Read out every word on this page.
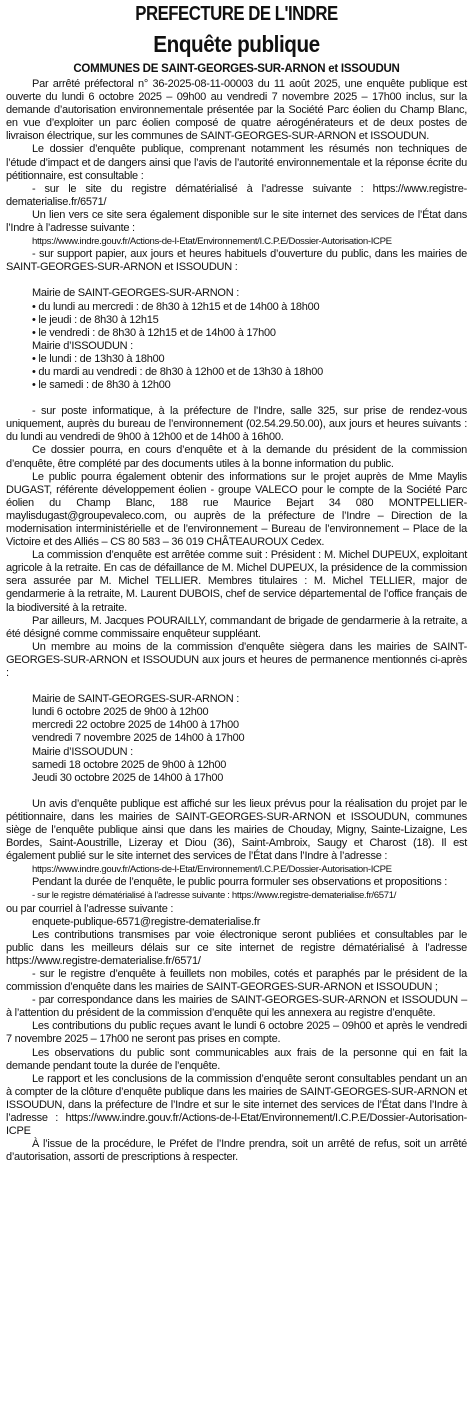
PREFECTURE DE L'INDRE
Enquête publique
COMMUNES DE SAINT-GEORGES-SUR-ARNON et ISSOUDUN

Par arrêté préfectoral n° 36-2025-08-11-00003 du 11 août 2025, une enquête publique est ouverte du lundi 6 octobre 2025 – 09h00 au vendredi 7 novembre 2025 – 17h00 inclus, sur la demande d’autorisation environnementale présentée par la Société Parc éolien du Champ Blanc, en vue d’exploiter un parc éolien composé de quatre aérogénérateurs et de deux postes de livraison électrique, sur les communes de SAINT-GEORGES-SUR-ARNON et ISSOUDUN.

Le dossier d’enquête publique, comprenant notamment les résumés non techniques de l’étude d’impact et de dangers ainsi que l’avis de l’autorité environnementale et la réponse écrite du pétitionnaire, est consultable :

- sur le site du registre dématérialisé à l’adresse suivante : https://www.registre-dematerialise.fr/6571/

Un lien vers ce site sera également disponible sur le site internet des services de l’État dans l’Indre à l’adresse suivante :

https://www.indre.gouv.fr/Actions-de-l-Etat/Environnement/I.C.P.E/Dossier-Autorisation-ICPE

- sur support papier, aux jours et heures habituels d’ouverture du public, dans les mairies de SAINT-GEORGES-SUR-ARNON et ISSOUDUN :

Mairie de SAINT-GEORGES-SUR-ARNON :
• du lundi au mercredi : de 8h30 à 12h15 et de 14h00 à 18h00
• le jeudi : de 8h30 à 12h15
• le vendredi : de 8h30 à 12h15 et de 14h00 à 17h00
Mairie d’ISSOUDUN :
• le lundi : de 13h30 à 18h00
• du mardi au vendredi : de 8h30 à 12h00 et de 13h30 à 18h00
• le samedi : de 8h30 à 12h00

- sur poste informatique, à la préfecture de l’Indre, salle 325, sur prise de rendez-vous uniquement, auprès du bureau de l’environnement (02.54.29.50.00), aux jours et heures suivants : du lundi au vendredi de 9h00 à 12h00 et de 14h00 à 16h00.

Ce dossier pourra, en cours d’enquête et à la demande du président de la commission d’enquête, être complété par des documents utiles à la bonne information du public.

Le public pourra également obtenir des informations sur le projet auprès de Mme Maylis DUGAST, référente développement éolien - groupe VALECO pour le compte de la Société Parc éolien du Champ Blanc, 188 rue Maurice Bejart 34 080 MONTPELLIER- maylisdugast@groupevaleco.com, ou auprès de la préfecture de l’Indre – Direction de la modernisation interministérielle et de l’environnement – Bureau de l’environnement – Place de la Victoire et des Alliés – CS 80 583 – 36 019 CHÂTEAUROUX Cedex.

La commission d’enquête est arrêtée comme suit : Président : M. Michel DUPEUX, exploitant agricole à la retraite. En cas de défaillance de M. Michel DUPEUX, la présidence de la commission sera assurée par M. Michel TELLIER. Membres titulaires : M. Michel TELLIER, major de gendarmerie à la retraite, M. Laurent DUBOIS, chef de service départemental de l’office français de la biodiversité à la retraite.

Par ailleurs, M. Jacques POURAILLY, commandant de brigade de gendarmerie à la retraite, a été désigné comme commissaire enquêteur suppléant.

Un membre au moins de la commission d’enquête siègera dans les mairies de SAINT-GEORGES-SUR-ARNON et ISSOUDUN aux jours et heures de permanence mentionnés ci-après :

Mairie de SAINT-GEORGES-SUR-ARNON :
lundi 6 octobre 2025 de 9h00 à 12h00
mercredi 22 octobre 2025 de 14h00 à 17h00
vendredi 7 novembre 2025 de 14h00 à 17h00
Mairie d’ISSOUDUN :
samedi 18 octobre 2025 de 9h00 à 12h00
Jeudi 30 octobre 2025 de 14h00 à 17h00

Un avis d’enquête publique est affiché sur les lieux prévus pour la réalisation du projet par le pétitionnaire, dans les mairies de SAINT-GEORGES-SUR-ARNON et ISSOUDUN, communes siège de l’enquête publique ainsi que dans les mairies de Chouday, Migny, Sainte-Lizaigne, Les Bordes, Saint-Aoustrille, Lizeray et Diou (36), Saint-Ambroix, Saugy et Charost (18). Il est également publié sur le site internet des services de l’État dans l’Indre à l’adresse :

https://www.indre.gouv.fr/Actions-de-l-Etat/Environnement/I.C.P.E/Dossier-Autorisation-ICPE

Pendant la durée de l’enquête, le public pourra formuler ses observations et propositions :

- sur le registre dématérialisé à l’adresse suivante : https://www.registre-dematerialise.fr/6571/

ou par courriel à l’adresse suivante :

enquete-publique-6571@registre-dematerialise.fr

Les contributions transmises par voie électronique seront publiées et consultables par le public dans les meilleurs délais sur ce site internet de registre dématérialisé à l’adresse https://www.registre-dematerialise.fr/6571/

- sur le registre d’enquête à feuillets non mobiles, cotés et paraphés par le président de la commission d’enquête dans les mairies de SAINT-GEORGES-SUR-ARNON et ISSOUDUN ;

- par correspondance dans les mairies de SAINT-GEORGES-SUR-ARNON et ISSOUDUN – à l’attention du président de la commission d’enquête qui les annexera au registre d’enquête.

Les contributions du public reçues avant le lundi 6 octobre 2025 – 09h00 et après le vendredi 7 novembre 2025 – 17h00 ne seront pas prises en compte.

Les observations du public sont communicables aux frais de la personne qui en fait la demande pendant toute la durée de l’enquête.

Le rapport et les conclusions de la commission d’enquête seront consultables pendant un an à compter de la clôture d’enquête publique dans les mairies de SAINT-GEORGES-SUR-ARNON et ISSOUDUN, dans la préfecture de l’Indre et sur le site internet des services de l’État dans l’Indre à l’adresse : https://www.indre.gouv.fr/Actions-de-l-Etat/Environnement/I.C.P.E/Dossier-Autorisation-ICPE

À l’issue de la procédure, le Préfet de l’Indre prendra, soit un arrêté de refus, soit un arrêté d’autorisation, assorti de prescriptions à respecter.
